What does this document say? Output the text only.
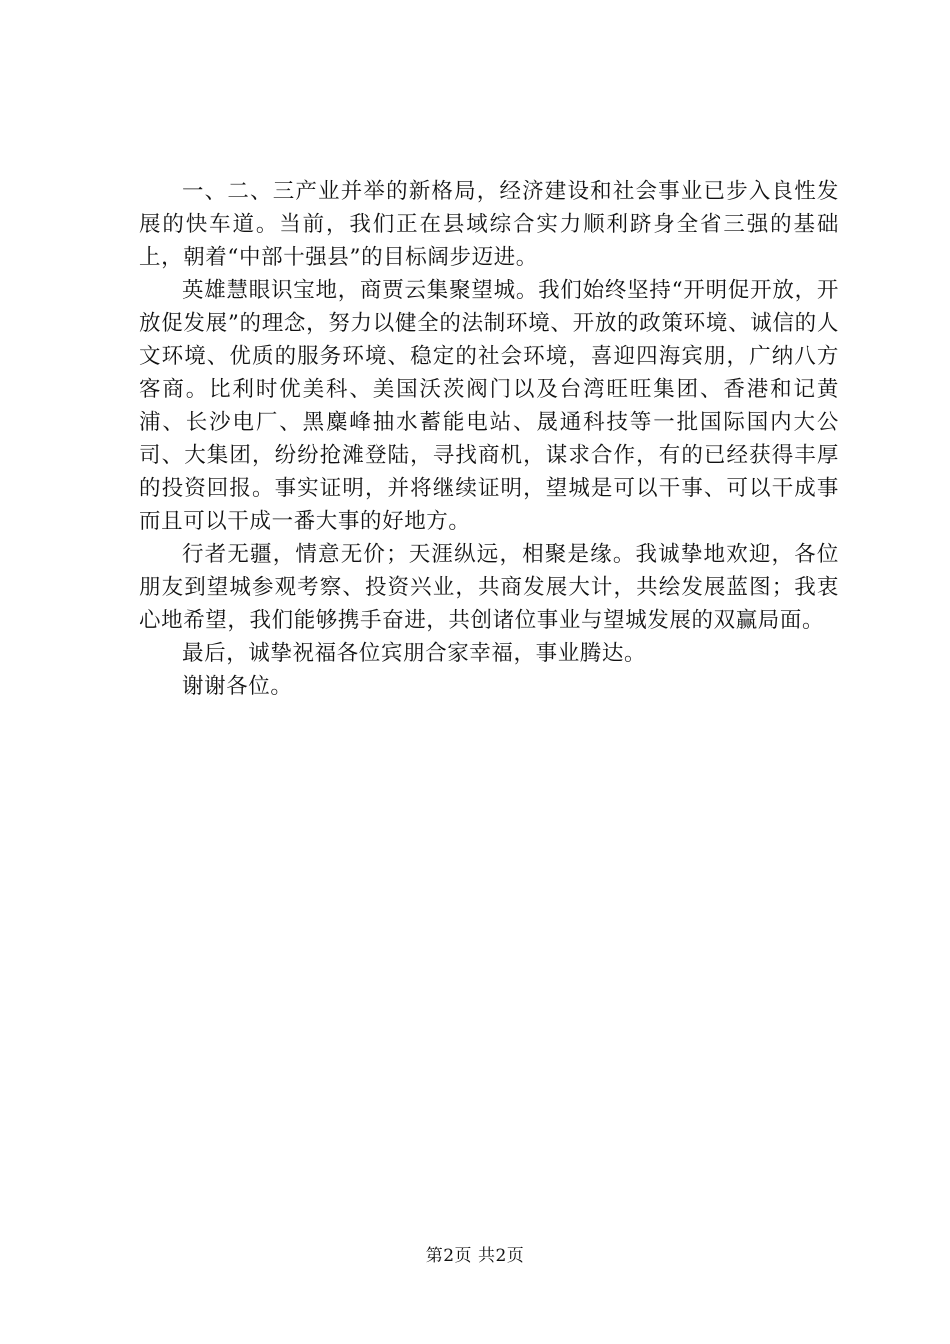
一、二、三产业并举的新格局，经济建设和社会事业已步入良性发展的快车道。当前，我们正在县域综合实力顺利跻身全省三强的基础上，朝着“中部十强县”的目标阔步迈进。

英雄慧眼识宝地，商贾云集聚望城。我们始终坚持“开明促开放，开放促发展”的理念，努力以健全的法制环境、开放的政策环境、诚信的人文环境、优质的服务环境、稳定的社会环境，喜迎四海宾朋，广纳八方客商。比利时优美科、美国沃茨阀门以及台湾旺旺集团、香港和记黄浦、长沙电厂、黑麋峰抽水蓄能电站、晟通科技等一批国际国内大公司、大集团，纷纷抢滩登陆，寻找商机，谋求合作，有的已经获得丰厚的投资回报。事实证明，并将继续证明，望城是可以干事、可以干成事而且可以干成一番大事的好地方。

行者无疆，情意无价；天涯纵远，相聚是缘。我诚挚地欢迎，各位朋友到望城参观考察、投资兴业，共商发展大计，共绘发展蓝图；我衷心地希望，我们能够携手奋进，共创诸位事业与望城发展的双赢局面。

最后，诚挚祝福各位宾朋合家幸福，事业腾达。

谢谢各位。

第2页 共2页
